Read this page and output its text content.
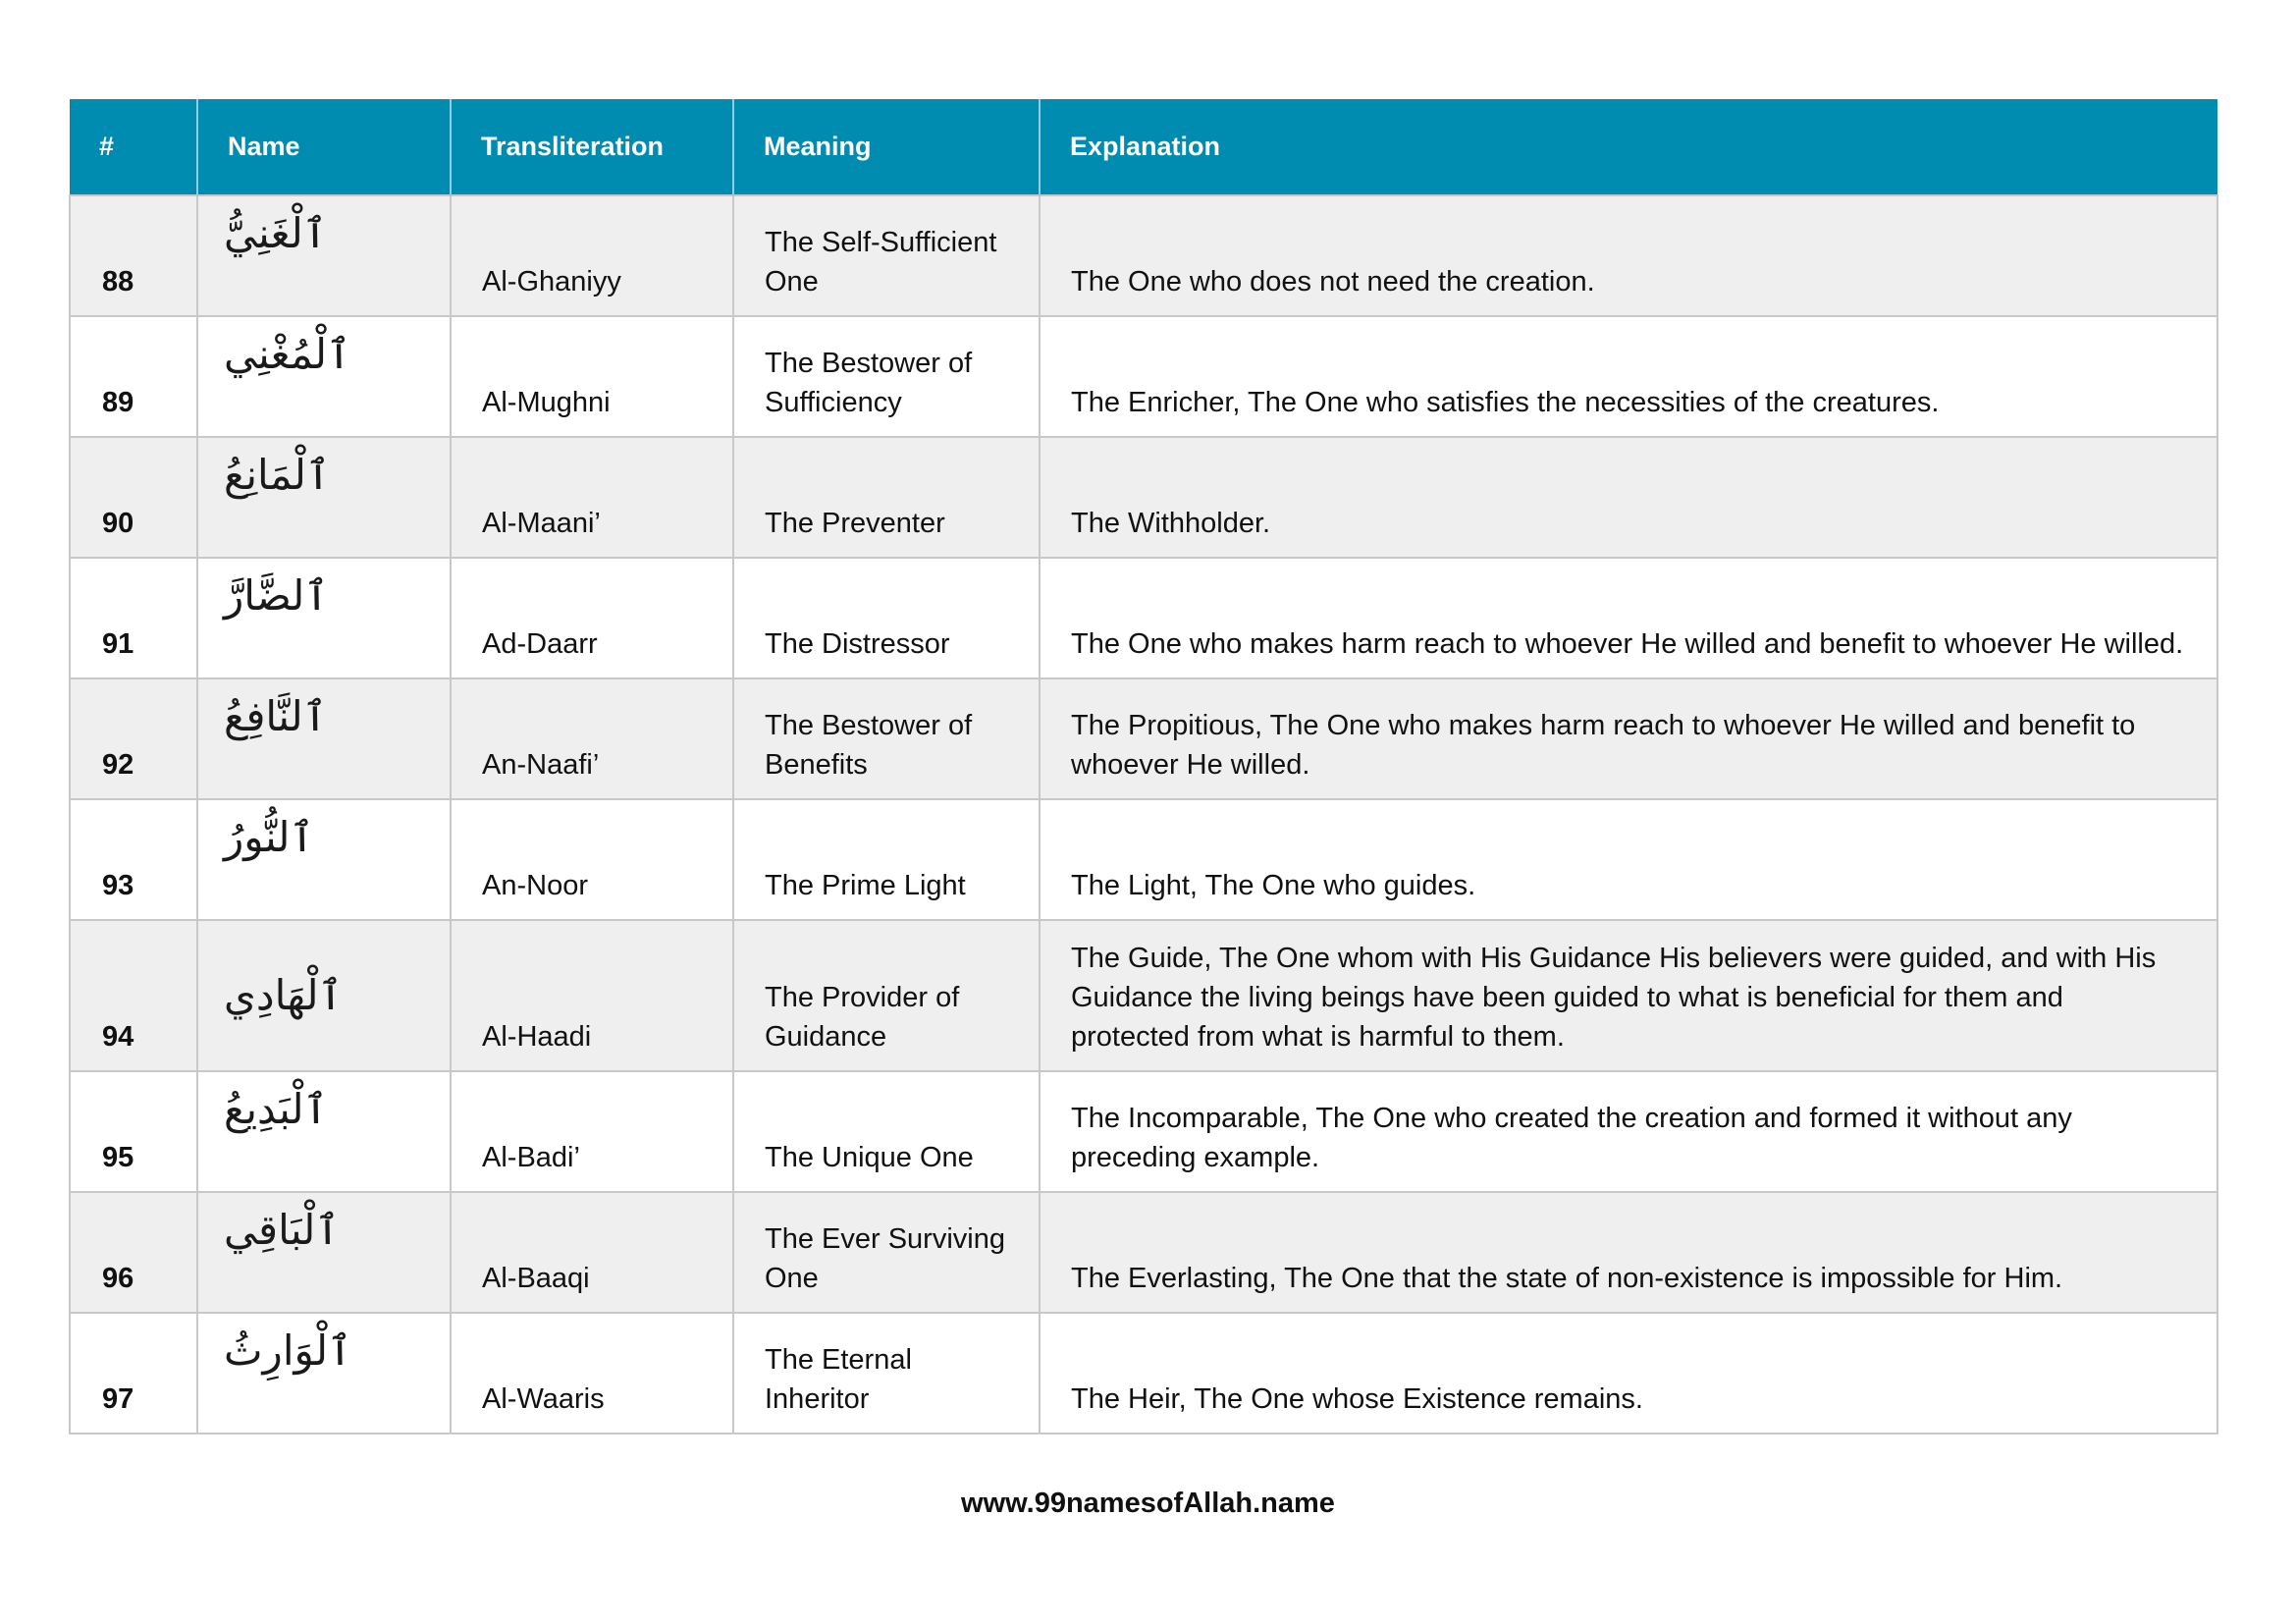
#	Name	Transliteration	Meaning	Explanation
88	ٱلْغَنِيُّ	Al-Ghaniyy	The Self-Sufficient One	The One who does not need the creation.
89	ٱلْمُغْنِي	Al-Mughni	The Bestower of Sufficiency	The Enricher, The One who satisfies the necessities of the creatures.
90	ٱلْمَانِعُ	Al-Maani’	The Preventer	The Withholder.
91	ٱلضَّارَّ	Ad-Daarr	The Distressor	The One who makes harm reach to whoever He willed and benefit to whoever He willed.
92	ٱلنَّافِعُ	An-Naafi’	The Bestower of Benefits	The Propitious, The One who makes harm reach to whoever He willed and benefit to whoever He willed.
93	ٱلنُّورُ	An-Noor	The Prime Light	The Light, The One who guides.
94	ٱلْهَادِي	Al-Haadi	The Provider of Guidance	The Guide, The One whom with His Guidance His believers were guided, and with His Guidance the living beings have been guided to what is beneficial for them and protected from what is harmful to them.
95	ٱلْبَدِيعُ	Al-Badi’	The Unique One	The Incomparable, The One who created the creation and formed it without any preceding example.
96	ٱلْبَاقِي	Al-Baaqi	The Ever Surviving One	The Everlasting, The One that the state of non-existence is impossible for Him.
97	ٱلْوَارِثُ	Al-Waaris	The Eternal Inheritor	The Heir, The One whose Existence remains.
www.99namesofAllah.name
